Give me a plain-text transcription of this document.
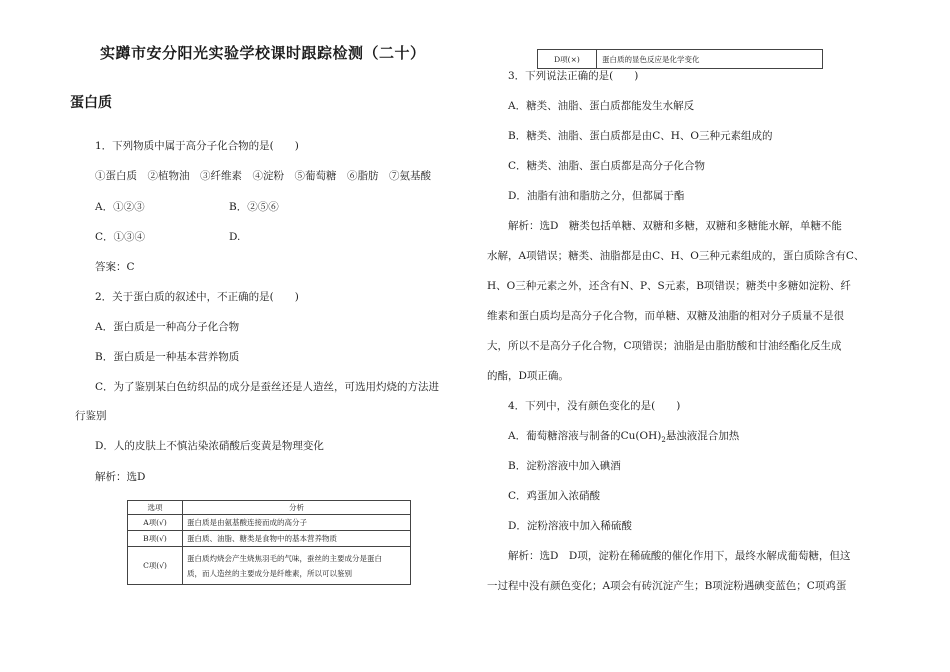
实蹲市安分阳光实验学校课时跟踪检测（二十）
蛋白质
1．下列物质中属于高分子化合物的是(　　)
①蛋白质　②植物油　③纤维素　④淀粉　⑤葡萄糖　⑥脂肪　⑦氨基酸
A．①②③	B．②⑤⑥
C．①③④	D.
答案：C
2．关于蛋白质的叙述中，不正确的是(　　)
A．蛋白质是一种高分子化合物
B．蛋白质是一种基本营养物质
C．为了鉴别某白色纺织品的成分是蚕丝还是人造丝，可选用灼烧的方法进
行鉴别
D．人的皮肤上不慎沾染浓硝酸后变黄是物理变化
解析：选D
选项	分析
A项(√)	蛋白质是由氨基酸连接而成的高分子
B项(√)	蛋白质、油脂、糖类是食物中的基本营养物质
C项(√)	蛋白质灼烧会产生烧焦羽毛的气味，蚕丝的主要成分是蛋白
质，而人造丝的主要成分是纤维素，所以可以鉴别
D项(×)	蛋白质的显色反应是化学变化
3．下列说法正确的是(　　)
A．糖类、油脂、蛋白质都能发生水解反
B．糖类、油脂、蛋白质都是由C、H、O三种元素组成的
C．糖类、油脂、蛋白质都是高分子化合物
D．油脂有油和脂肪之分，但都属于酯
解析：选D　糖类包括单糖、双糖和多糖，双糖和多糖能水解，单糖不能
水解，A项错误；糖类、油脂都是由C、H、O三种元素组成的，蛋白质除含有C、
H、O三种元素之外，还含有N、P、S元素，B项错误；糖类中多糖如淀粉、纤
维素和蛋白质均是高分子化合物，而单糖、双糖及油脂的相对分子质量不是很
大，所以不是高分子化合物，C项错误；油脂是由脂肪酸和甘油经酯化反生成
的酯，D项正确。
4．下列中，没有颜色变化的是(　　)
A．葡萄糖溶液与制备的$Cu(OH)_2$悬浊液混合加热
B．淀粉溶液中加入碘酒
C．鸡蛋加入浓硝酸
D．淀粉溶液中加入稀硫酸
解析：选D　D项，淀粉在稀硫酸的催化作用下，最终水解成葡萄糖，但这
一过程中没有颜色变化；A项会有砖沉淀产生；B项淀粉遇碘变蓝色；C项鸡蛋
